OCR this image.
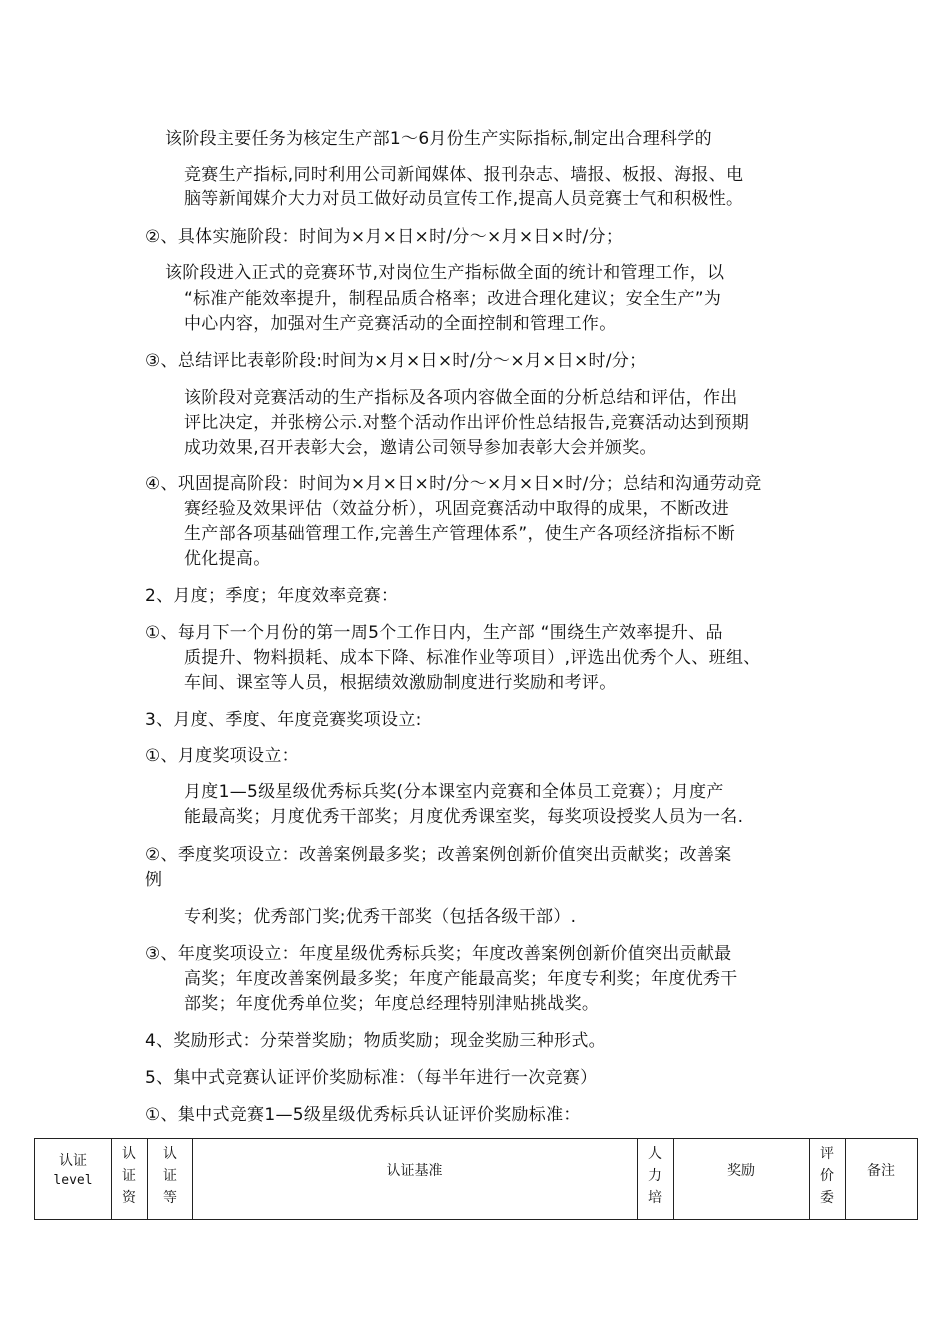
该阶段主要任务为核定生产部1～6月份生产实际指标,制定出合理科学的
竞赛生产指标,同时利用公司新闻媒体、报刊杂志、墙报、板报、海报、电
脑等新闻媒介大力对员工做好动员宣传工作,提高人员竞赛士气和积极性。
②、具体实施阶段：时间为×月×日×时/分～×月×日×时/分；
该阶段进入正式的竞赛环节,对岗位生产指标做全面的统计和管理工作，以
“标准产能效率提升，制程品质合格率；改进合理化建议；安全生产”为
中心内容，加强对生产竞赛活动的全面控制和管理工作。
③、总结评比表彰阶段:时间为×月×日×时/分～×月×日×时/分；
该阶段对竞赛活动的生产指标及各项内容做全面的分析总结和评估，作出
评比决定，并张榜公示.对整个活动作出评价性总结报告,竞赛活动达到预期
成功效果,召开表彰大会，邀请公司领导参加表彰大会并颁奖。
④、巩固提高阶段：时间为×月×日×时/分～×月×日×时/分；总结和沟通劳动竞
赛经验及效果评估（效益分析），巩固竞赛活动中取得的成果，不断改进
生产部各项基础管理工作,完善生产管理体系”，使生产各项经济指标不断
优化提高。
2、月度；季度；年度效率竞赛：
①、每月下一个月份的第一周5个工作日内，生产部 “围绕生产效率提升、品
质提升、物料损耗、成本下降、标准作业等项目）,评选出优秀个人、班组、
车间、课室等人员，根据绩效激励制度进行奖励和考评。
3、月度、季度、年度竞赛奖项设立:
①、月度奖项设立：
月度1—5级星级优秀标兵奖(分本课室内竞赛和全体员工竞赛）；月度产
能最高奖；月度优秀干部奖；月度优秀课室奖，每奖项设授奖人员为一名.
②、季度奖项设立：改善案例最多奖；改善案例创新价值突出贡献奖；改善案
例
专利奖；优秀部门奖;优秀干部奖（包括各级干部）.
③、年度奖项设立：年度星级优秀标兵奖；年度改善案例创新价值突出贡献最
高奖；年度改善案例最多奖；年度产能最高奖；年度专利奖；年度优秀干
部奖；年度优秀单位奖；年度总经理特别津贴挑战奖。
4、奖励形式：分荣誉奖励；物质奖励；现金奖励三种形式。
5、集中式竞赛认证评价奖励标准：（每半年进行一次竞赛）
①、集中式竞赛1—5级星级优秀标兵认证评价奖励标准：
认证
level
认
证
资
认
证
等
认证基准
人
力
培
奖励
评
价
委
备注
